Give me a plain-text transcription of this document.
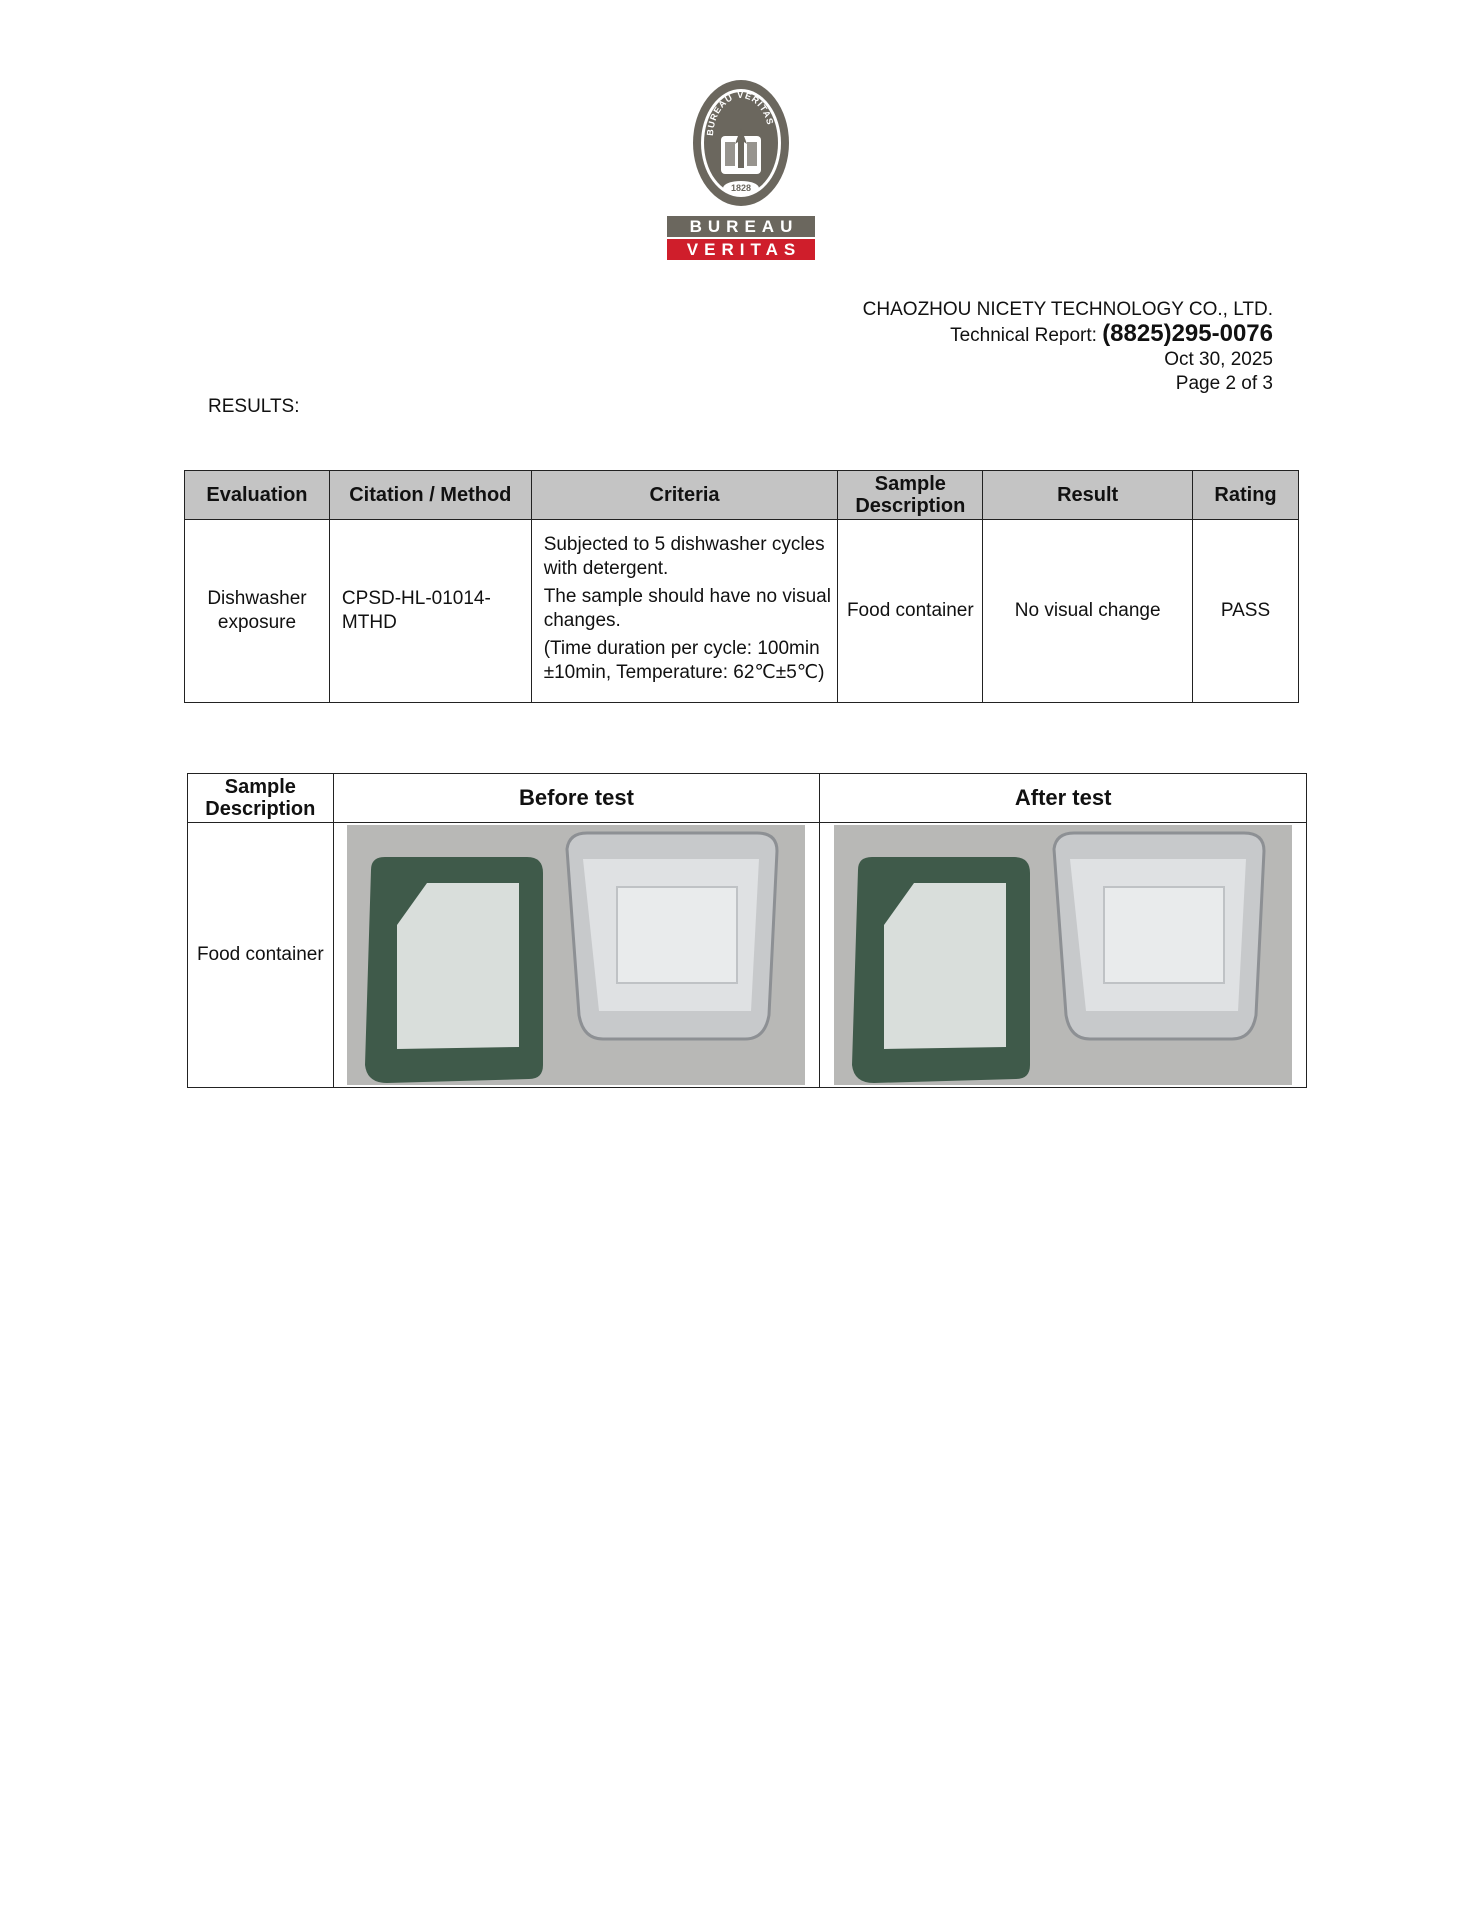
BUREAU VERITAS
1828
BUREAU
VERITAS
CHAOZHOU NICETY TECHNOLOGY CO., LTD.
Technical Report: (8825)295-0076
Oct 30, 2025
Page 2 of 3
RESULTS:
Evaluation	Citation / Method	Criteria	Sample Description	Result	Rating
Dishwasher exposure	CPSD-HL-01014-MTHD	Subjected to 5 dishwasher cycles with detergent.

The sample should have no visual changes.

(Time duration per cycle: 100min ±10min, Temperature: 62℃±5℃)	Food container	No visual change	PASS
Sample Description	Before test	After test
Food container	
